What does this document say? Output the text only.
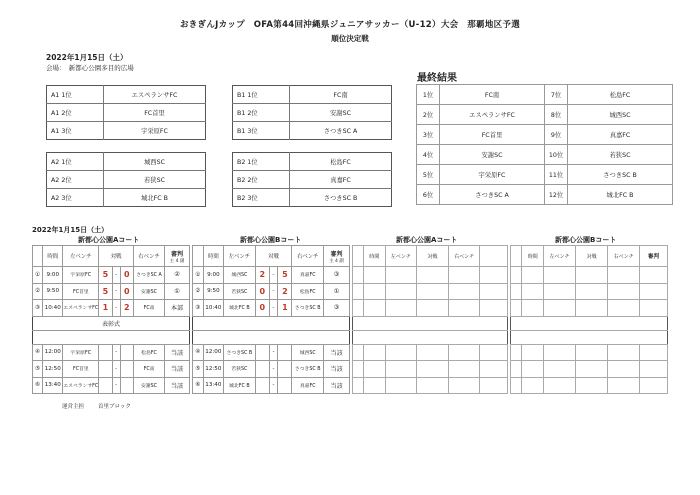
おきぎんJカップ　OFA第44回沖縄県ジュニアサッカー（U-12）大会　那覇地区予選
順位決定戦
2022年1月15日（土）
会場：　新都心公園多目的広場
A1 1位	エスペランサFC
A1 2位	FC首里
A1 3位	宇栄原FC
B1 1位	FC南
B1 2位	安謝SC
B1 3位	さつきSC A
A2 1位	城西SC
A2 2位	若狭SC
A2 3位	城北FC B
B2 1位	松島FC
B2 2位	真嘉FC
B2 3位	さつきSC B
最終結果
1位	FC南	7位	松島FC
2位	エスペランサFC	8位	城西SC
3位	FC首里	9位	真嘉FC
4位	安謝SC	10位	若狭SC
5位	宇栄原FC	11位	さつきSC B
6位	さつきSC A	12位	城北FC B
2022年1月15日（土）
新都心公園Aコート	新都心公園Bコート	新都心公園Aコート	新都心公園Bコート
	時間	左ベンチ	対戦			右ベンチ	審判
主 4 副

①	9:00	宇栄原FC	5	-	0	さつきSC A	②
②	9:50	FC首里	5	-	0	安謝SC	①
③	10:40	エスペランサFC	1	-	2	FC南	本部
表彰式							

④	12:00	宇栄原FC		-		松島FC	当該
⑤	12:50	FC首里		-		FC南	当該
⑥	13:40	エスペランサFC		-		安謝SC	当該
	時間	左ベンチ	対戦			右ベンチ	審判
主 4 副

①	9:00	城西SC	2	-	5	真嘉FC	③
②	9:50	若狭SC	0	-	2	松島FC	①
③	10:40	城北FC B	0	-	1	さつきSC B	③

④	12:00	さつきSC B		-		城西SC	当該
⑤	12:50	若狭SC		-		さつきSC B	当該
⑥	13:40	城北FC B		-		真嘉FC	当該
	時間	左ベンチ	対戦	右ベンチ	

		時間	左ベンチ	対戦	右ベンチ	審判

運営主担	首里ブロック
